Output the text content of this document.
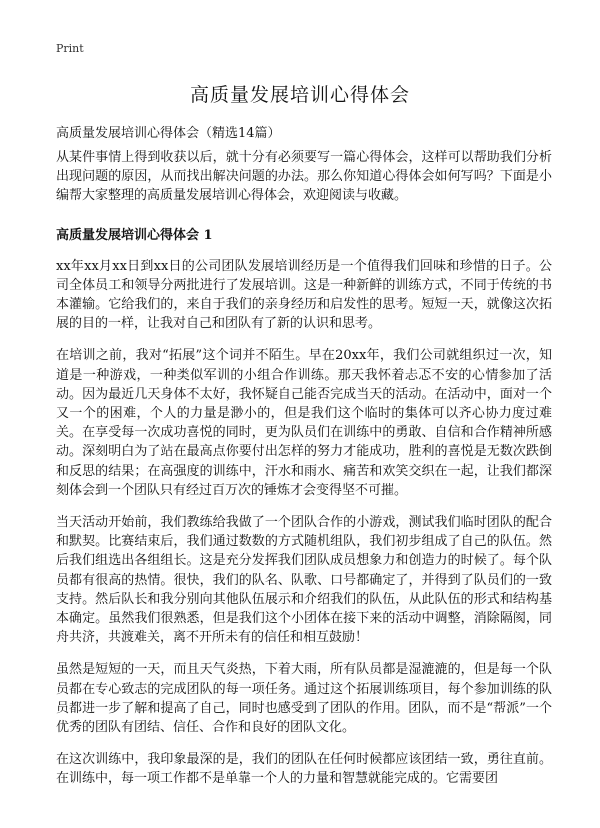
Print
高质量发展培训心得体会
高质量发展培训心得体会（精选14篇）

从某件事情上得到收获以后，就十分有必须要写一篇心得体会，这样可以帮助我们分析出现问题的原因，从而找出解决问题的办法。那么你知道心得体会如何写吗？下面是小编帮大家整理的高质量发展培训心得体会，欢迎阅读与收藏。

高质量发展培训心得体会 1

xx年xx月xx日到xx日的公司团队发展培训经历是一个值得我们回味和珍惜的日子。公司全体员工和领导分两批进行了发展培训。这是一种新鲜的训练方式，不同于传统的书本灌输。它给我们的，来自于我们的亲身经历和启发性的思考。短短一天，就像这次拓展的目的一样，让我对自己和团队有了新的认识和思考。

在培训之前，我对“拓展”这个词并不陌生。早在20xx年，我们公司就组织过一次，知道是一种游戏，一种类似军训的小组合作训练。那天我怀着忐忑不安的心情参加了活动。因为最近几天身体不太好，我怀疑自己能否完成当天的活动。在活动中，面对一个又一个的困难，个人的力量是渺小的，但是我们这个临时的集体可以齐心协力度过难关。在享受每一次成功喜悦的同时，更为队员们在训练中的勇敢、自信和合作精神所感动。深刻明白为了站在最高点你要付出怎样的努力才能成功，胜利的喜悦是无数次跌倒和反思的结果；在高强度的训练中，汗水和雨水、痛苦和欢笑交织在一起，让我们都深刻体会到一个团队只有经过百万次的锤炼才会变得坚不可摧。

当天活动开始前，我们教练给我做了一个团队合作的小游戏，测试我们临时团队的配合和默契。比赛结束后，我们通过数数的方式随机组队，我们初步组成了自己的队伍。然后我们组选出各组组长。这是充分发挥我们团队成员想象力和创造力的时候了。每个队员都有很高的热情。很快，我们的队名、队歌、口号都确定了，并得到了队员们的一致支持。然后队长和我分别向其他队伍展示和介绍我们的队伍，从此队伍的形式和结构基本确定。虽然我们很熟悉，但是我们这个小团体在接下来的活动中调整，消除隔阂，同舟共济，共渡难关，离不开所未有的信任和相互鼓励！

虽然是短短的一天，而且天气炎热，下着大雨，所有队员都是湿漉漉的，但是每一个队员都在专心致志的完成团队的每一项任务。通过这个拓展训练项目，每个参加训练的队员都进一步了解和提高了自己，同时也感受到了团队的作用。团队，而不是“帮派”一个优秀的团队有团结、信任、合作和良好的团队文化。

在这次训练中，我印象最深的是，我们的团队在任何时候都应该团结一致，勇往直前。在训练中，每一项工作都不是单靠一个人的力量和智慧就能完成的。它需要团
